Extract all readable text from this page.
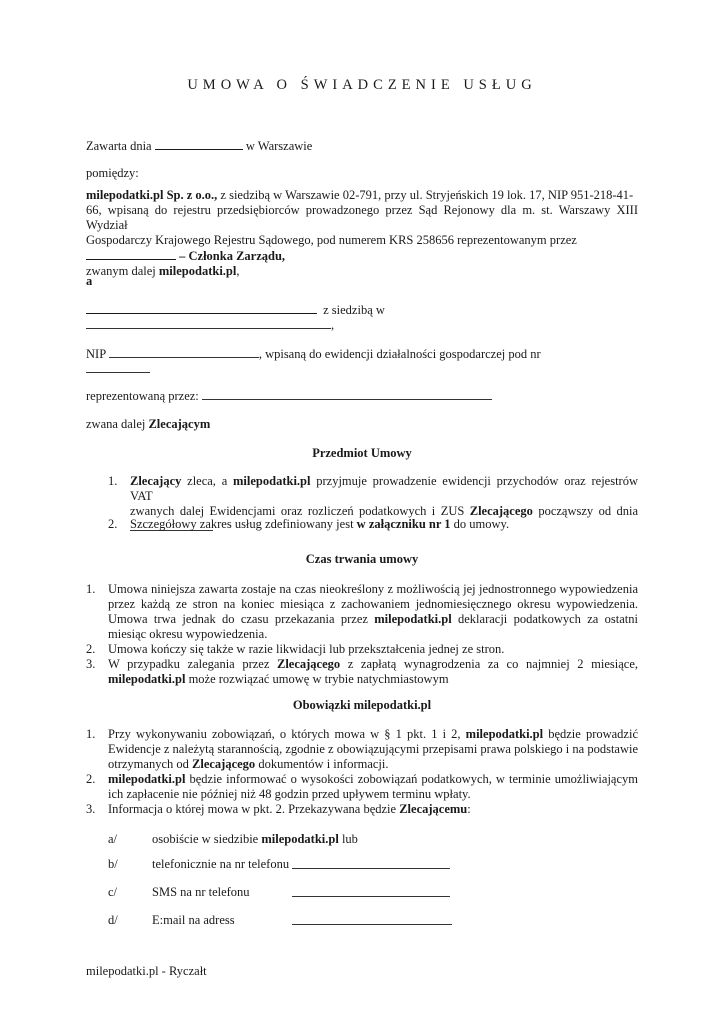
UMOWA O ŚWIADCZENIE USŁUG
Zawarta dnia	w Warszawie
pomiędzy:
milepodatki.pl Sp. z o.o., z siedzibą w Warszawie 02-791, przy ul. Stryjeńskich 19 lok. 17, NIP 951-218-41-
66, wpisaną do rejestru przedsiębiorców prowadzonego przez Sąd Rejonowy dla m. st. Warszawy XIII Wydział
Gospodarczy Krajowego Rejestru Sądowego, pod numerem KRS 258656 reprezentowanym przez
– Członka Zarządu,
zwanym dalej milepodatki.pl,
a
z siedzibą w
,
NIP	, wpisaną do ewidencji działalności gospodarczej pod nr
reprezentowaną przez:
zwana dalej Zlecającym
Przedmiot Umowy
1. Zlecający zleca, a milepodatki.pl przyjmuje prowadzenie ewidencji przychodów oraz rejestrów VAT
zwanych dalej Ewidencjami oraz rozliczeń podatkowych i ZUS Zlecającego począwszy od dnia
2. Szczegółowy zakres usług zdefiniowany jest w załączniku nr 1 do umowy.
Czas trwania umowy
1. Umowa niniejsza zawarta zostaje na czas nieokreślony z możliwością jej jednostronnego wypowiedzenia
przez każdą ze stron na koniec miesiąca z zachowaniem jednomiesięcznego okresu wypowiedzenia.
Umowa trwa jednak do czasu przekazania przez milepodatki.pl deklaracji podatkowych za ostatni
miesiąc okresu wypowiedzenia.
2. Umowa kończy się także w razie likwidacji lub przekształcenia jednej ze stron.
3. W przypadku zalegania przez Zlecającego z zapłatą wynagrodzenia za co najmniej 2 miesiące,
milepodatki.pl może rozwiązać umowę w trybie natychmiastowym
Obowiązki milepodatki.pl
1. Przy wykonywaniu zobowiązań, o których mowa w § 1 pkt. 1 i 2, milepodatki.pl będzie prowadzić
Ewidencje z należytą starannością, zgodnie z obowiązującymi przepisami prawa polskiego i na podstawie
otrzymanych od Zlecającego dokumentów i informacji.
2. milepodatki.pl będzie informować o wysokości zobowiązań podatkowych, w terminie umożliwiającym
ich zapłacenie nie później niż 48 godzin przed upływem terminu wpłaty.
3. Informacja o której mowa w pkt. 2. Przekazywana będzie Zlecającemu:
a/	osobiście w siedzibie milepodatki.pl lub
b/	telefonicznie na nr telefonu
c/	SMS na nr telefonu
d/	E:mail na adress
milepodatki.pl - Ryczałt
